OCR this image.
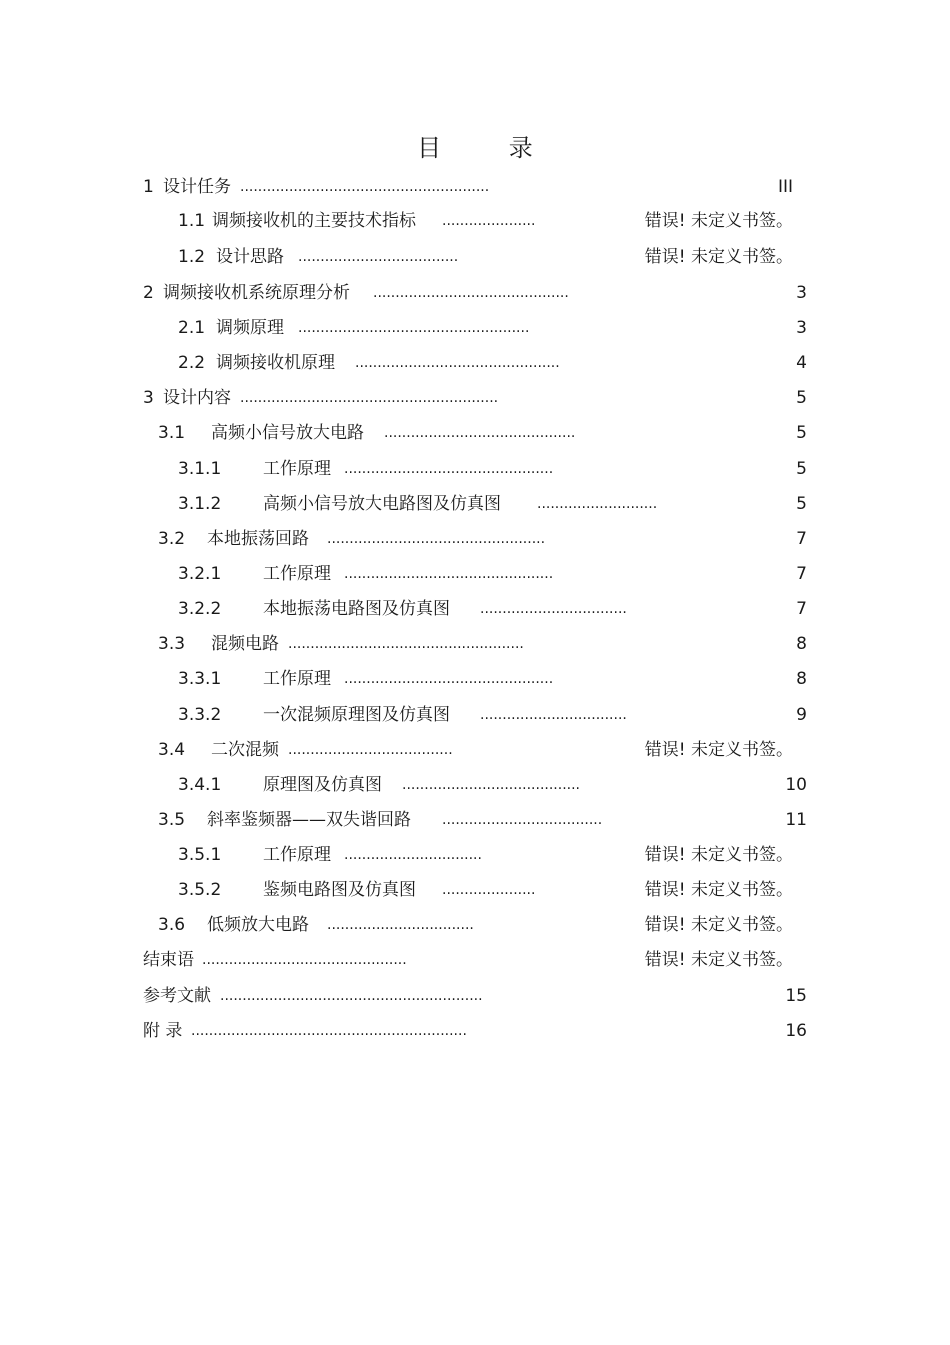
目 录
1 设计任务 ........................................................	III
1.1 调频接收机的主要技术指标 .....................	错误! 未定义书签。
1.2 设计思路 ....................................	错误! 未定义书签。
2 调频接收机系统原理分析 ............................................	3
2.1 调频原理 ....................................................	3
2.2 调频接收机原理 ..............................................	4
3 设计内容 ..........................................................	5
3.1 高频小信号放大电路 ...........................................	5
3.1.1 工作原理 ...............................................	5
3.1.2 高频小信号放大电路图及仿真图	...........................	5
3.2 本地振荡回路 .................................................	7
3.2.1 工作原理 ...............................................	7
3.2.2 本地振荡电路图及仿真图 .................................	7
3.3 混频电路 .....................................................	8
3.3.1 工作原理 ...............................................	8
3.3.2 一次混频原理图及仿真图 .................................	9
3.4 二次混频 .....................................	错误! 未定义书签。
3.4.1 原理图及仿真图 ........................................	10
3.5 斜率鉴频器——双失谐回路 ....................................	11
3.5.1 工作原理 ...............................	错误! 未定义书签。
3.5.2 鉴频电路图及仿真图 .....................	错误! 未定义书签。
3.6 低频放大电路 .................................	错误! 未定义书签。
结束语 ..............................................	错误! 未定义书签。
参考文献 ...........................................................	15
附 录 ..............................................................	16
